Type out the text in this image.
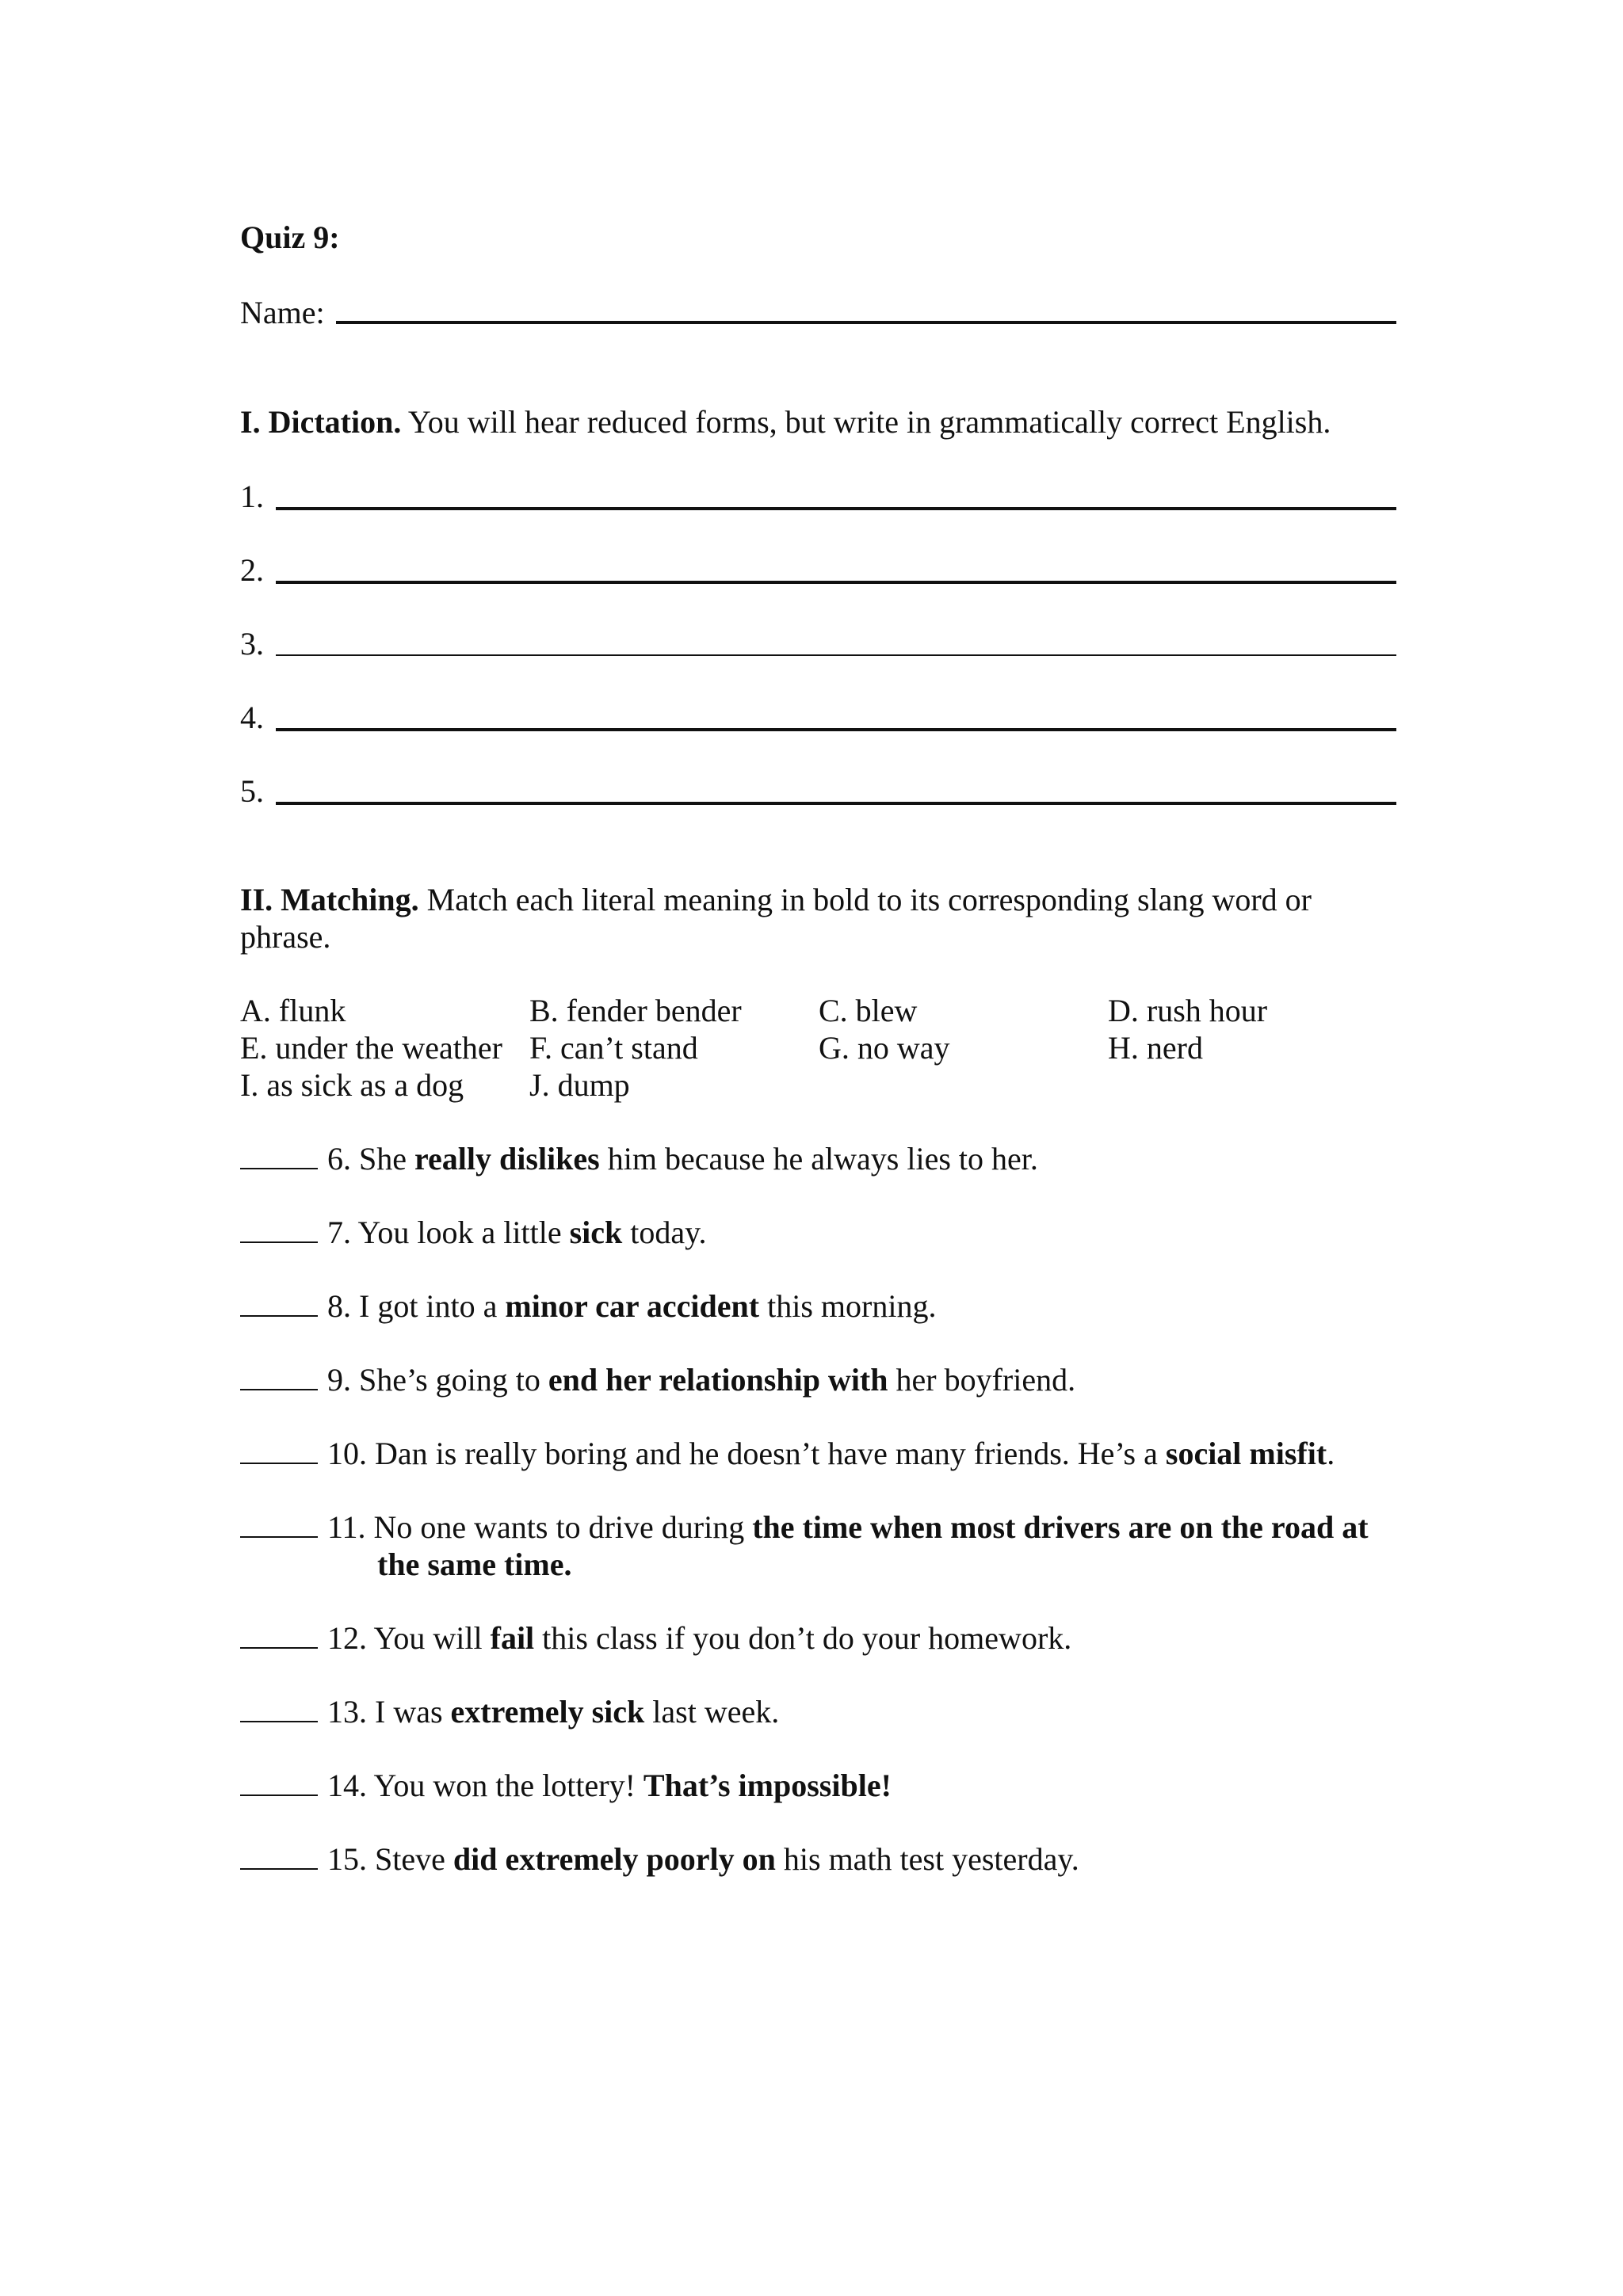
Quiz 9:
Name:
I. Dictation. You will hear reduced forms, but write in grammatically correct English.
1.
2.
3.
4.
5.
II. Matching. Match each literal meaning in bold to its corresponding slang word or
phrase.
A. flunk	B. fender bender C. blew	D. rush hour
E. under the weather F. can’t stand	G. no way	H. nerd
I. as sick as a dog J. dump
6. She really dislikes him because he always lies to her.
7. You look a little sick today.
8. I got into a minor car accident this morning.
9. She’s going to end her relationship with her boyfriend.
10. Dan is really boring and he doesn’t have many friends. He’s a social misfit.
11. No one wants to drive during the time when most drivers are on the road at
the same time.
12. You will fail this class if you don’t do your homework.
13. I was extremely sick last week.
14. You won the lottery! That’s impossible!
15. Steve did extremely poorly on his math test yesterday.
